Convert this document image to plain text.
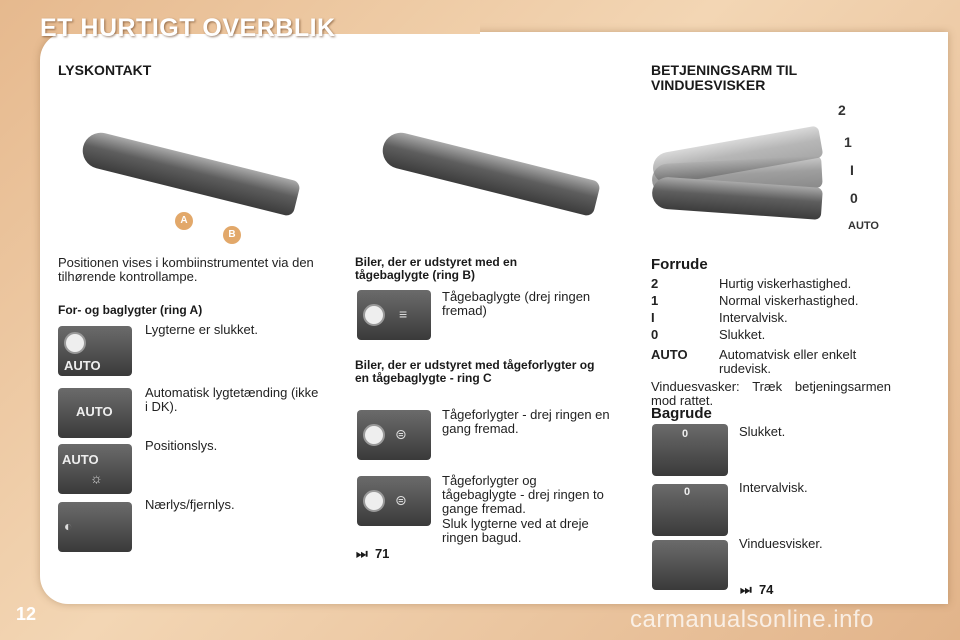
ET HURTIGT OVERBLIK
LYSKONTAKT
A
B
Positionen vises i kombiinstrumentet via den tilhørende kontrollampe.
For- og baglygter (ring A)
AUTO
Lygterne er slukket.
AUTO
Automatisk lygtetænding (ikke i DK).
AUTO
☼
Positionslys.
◐
Nærlys/fjernlys.
Biler, der er udstyret med en tågebaglygte (ring B)
≡
Tågebaglygte (drej ringen fremad)
Biler, der er udstyret med tågeforlygter og en tågebaglygte - ring C
⊜
Tågeforlygter - drej ringen en gang fremad.
⊜
Tågeforlygter og tågebaglygte - drej ringen to gange fremad.
Sluk lygterne ved at dreje ringen bagud.
⏭ 71
BETJENINGSARM TIL VINDUESVISKER
2
1
I
0
AUTO
Forrude
2	Hurtig viskerhastighed.
1	Normal viskerhastighed.
I	Intervalvisk.
0	Slukket.
AUTO	Automatvisk eller enkelt rudevisk.
Vinduesvasker: Træk betjeningsarmen mod rattet.
Bagrude
0	Slukket.
0	Intervalvisk.
Vinduesvisker.
⏭ 74
12	carmanualsonline.info
